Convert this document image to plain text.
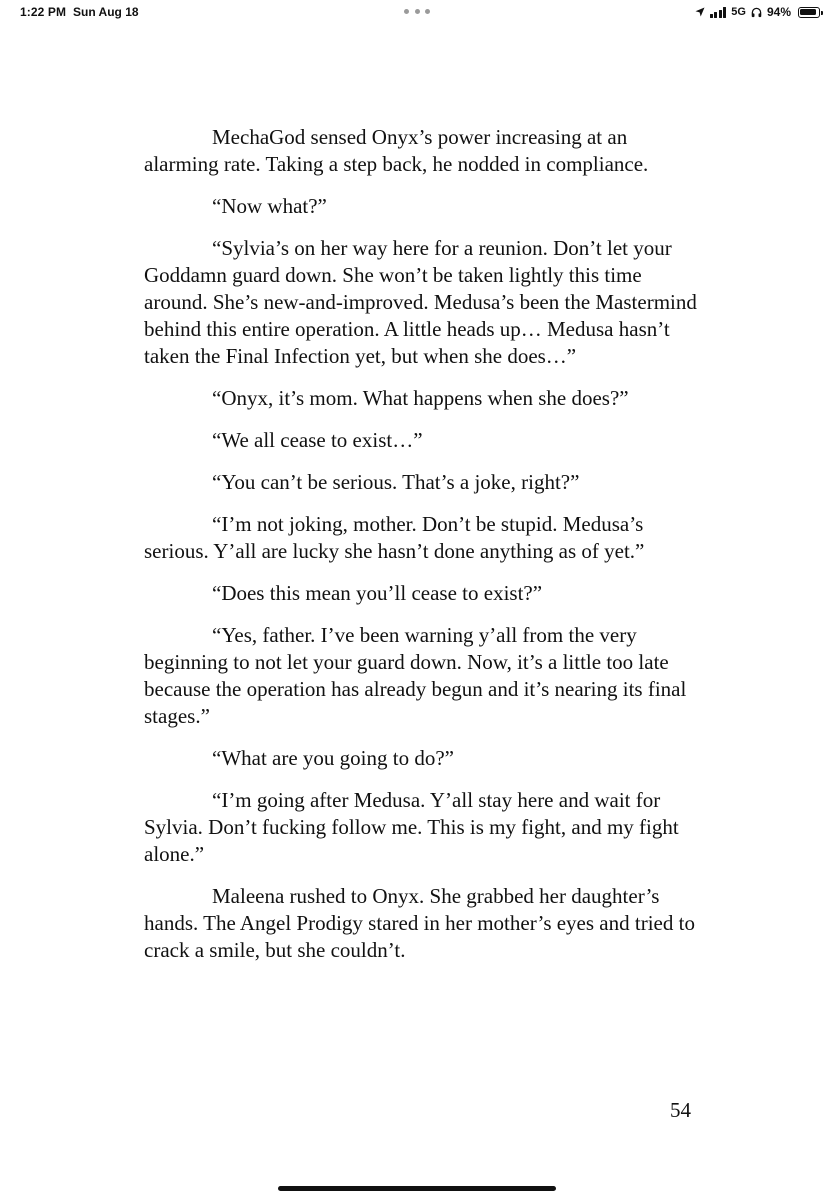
1:22 PM Sun Aug 18	5G 94%

MechaGod sensed Onyx’s power increasing at an alarming rate. Taking a step back, he nodded in compliance.

“Now what?”

“Sylvia’s on her way here for a reunion. Don’t let your Goddamn guard down. She won’t be taken lightly this time around. She’s new-and-improved. Medusa’s been the Mastermind behind this entire operation. A little heads up… Medusa hasn’t taken the Final Infection yet, but when she does…”

“Onyx, it’s mom. What happens when she does?”

“We all cease to exist…”

“You can’t be serious. That’s a joke, right?”

“I’m not joking, mother. Don’t be stupid. Medusa’s serious. Y’all are lucky she hasn’t done anything as of yet.”

“Does this mean you’ll cease to exist?”

“Yes, father. I’ve been warning y’all from the very beginning to not let your guard down. Now, it’s a little too late because the operation has already begun and it’s nearing its final stages.”

“What are you going to do?”

“I’m going after Medusa. Y’all stay here and wait for Sylvia. Don’t fucking follow me. This is my fight, and my fight alone.”

Maleena rushed to Onyx. She grabbed her daughter’s hands. The Angel Prodigy stared in her mother’s eyes and tried to crack a smile, but she couldn’t.

54
